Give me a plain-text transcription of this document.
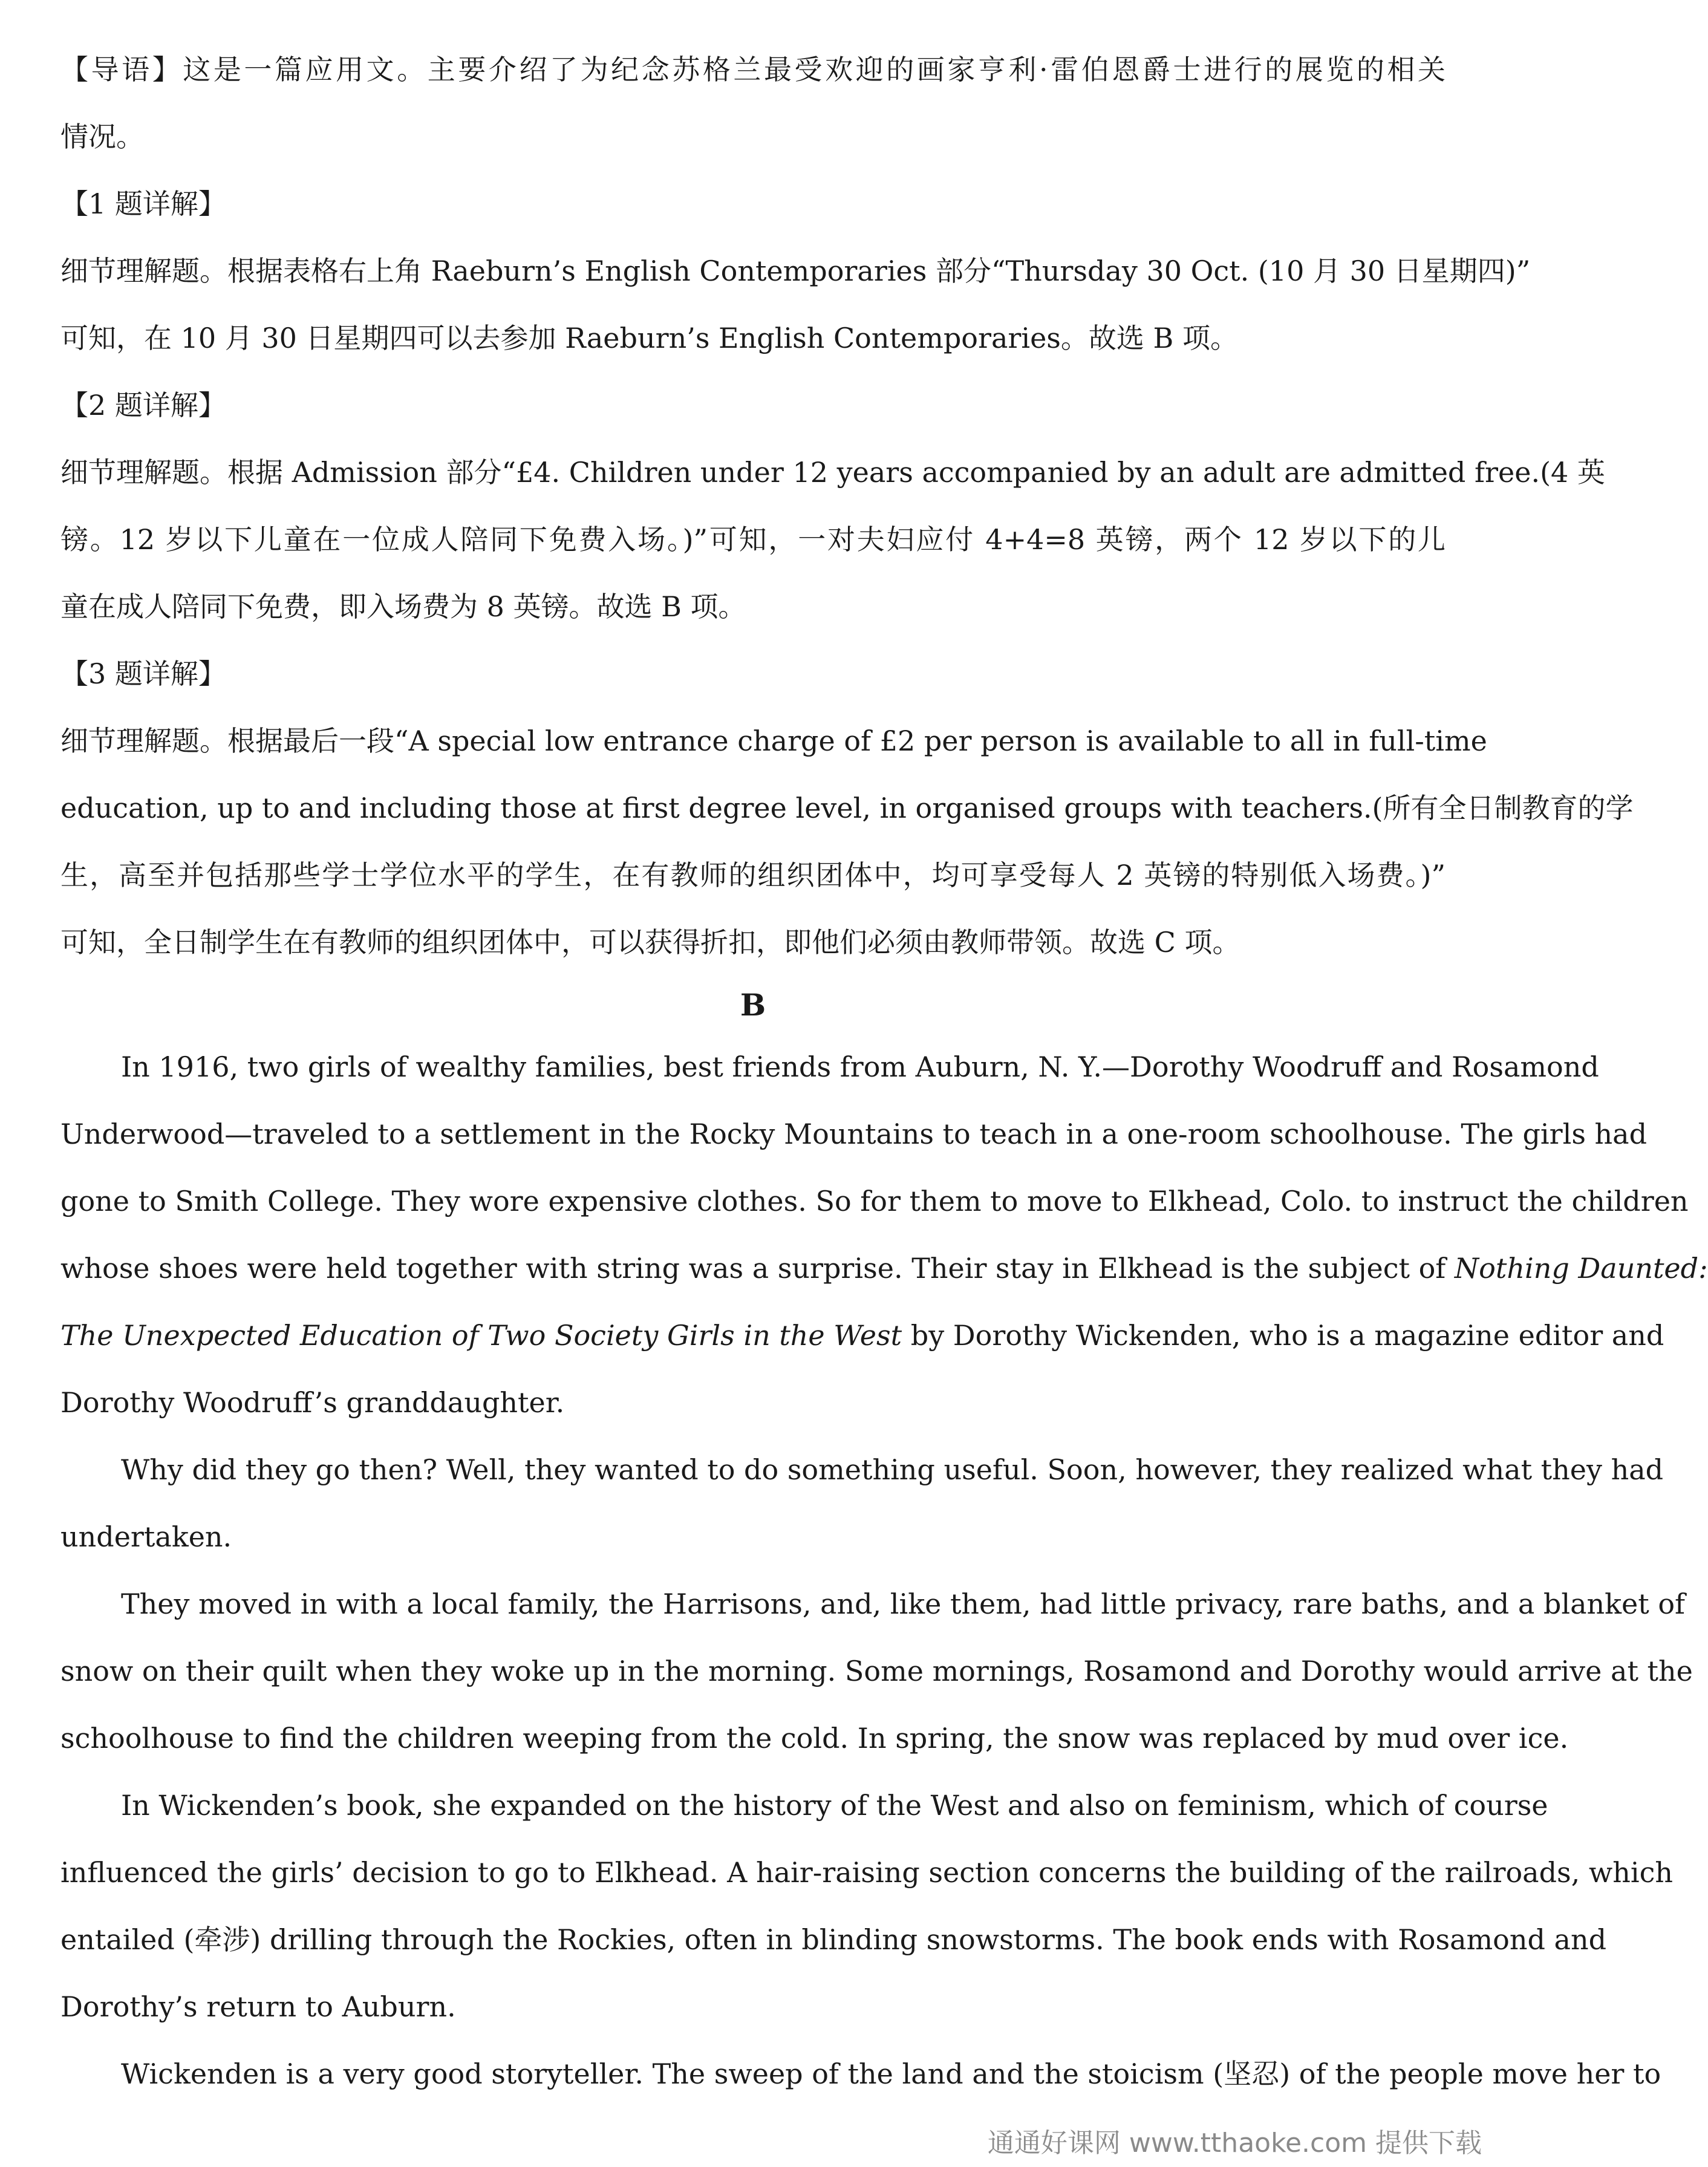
【导语】这是一篇应用文。主要介绍了为纪念苏格兰最受欢迎的画家亨利·雷伯恩爵士进行的展览的相关

情况。

【1 题详解】

细节理解题。根据表格右上角 Raeburn’s English Contemporaries 部分“Thursday 30 Oct. (10 月 30 日星期四)”

可知，在 10 月 30 日星期四可以去参加 Raeburn’s English Contemporaries。故选 B 项。

【2 题详解】

细节理解题。根据 Admission 部分“£4. Children under 12 years accompanied by an adult are admitted free.(4 英

镑。12 岁以下儿童在一位成人陪同下免费入场。)”可知，一对夫妇应付 4+4=8 英镑，两个 12 岁以下的儿

童在成人陪同下免费，即入场费为 8 英镑。故选 B 项。

【3 题详解】

细节理解题。根据最后一段“A special low entrance charge of £2 per person is available to all in full-time

education, up to and including those at first degree level, in organised groups with teachers.(所有全日制教育的学

生，高至并包括那些学士学位水平的学生，在有教师的组织团体中，均可享受每人 2 英镑的特别低入场费。)”

可知，全日制学生在有教师的组织团体中，可以获得折扣，即他们必须由教师带领。故选 C 项。

B

In 1916, two girls of wealthy families, best friends from Auburn, N. Y.—Dorothy Woodruff and Rosamond

Underwood—traveled to a settlement in the Rocky Mountains to teach in a one-room schoolhouse. The girls had

gone to Smith College. They wore expensive clothes. So for them to move to Elkhead, Colo. to instruct the children

whose shoes were held together with string was a surprise. Their stay in Elkhead is the subject of Nothing Daunted:

The Unexpected Education of Two Society Girls in the West by Dorothy Wickenden, who is a magazine editor and

Dorothy Woodruff’s granddaughter.

Why did they go then? Well, they wanted to do something useful. Soon, however, they realized what they had

undertaken.

They moved in with a local family, the Harrisons, and, like them, had little privacy, rare baths, and a blanket of

snow on their quilt when they woke up in the morning. Some mornings, Rosamond and Dorothy would arrive at the

schoolhouse to find the children weeping from the cold. In spring, the snow was replaced by mud over ice.

In Wickenden’s book, she expanded on the history of the West and also on feminism, which of course

influenced the girls’ decision to go to Elkhead. A hair-raising section concerns the building of the railroads, which

entailed (牵涉) drilling through the Rockies, often in blinding snowstorms. The book ends with Rosamond and

Dorothy’s return to Auburn.

Wickenden is a very good storyteller. The sweep of the land and the stoicism (坚忍) of the people move her to

通通好课网 www.tthaoke.com 提供下载
